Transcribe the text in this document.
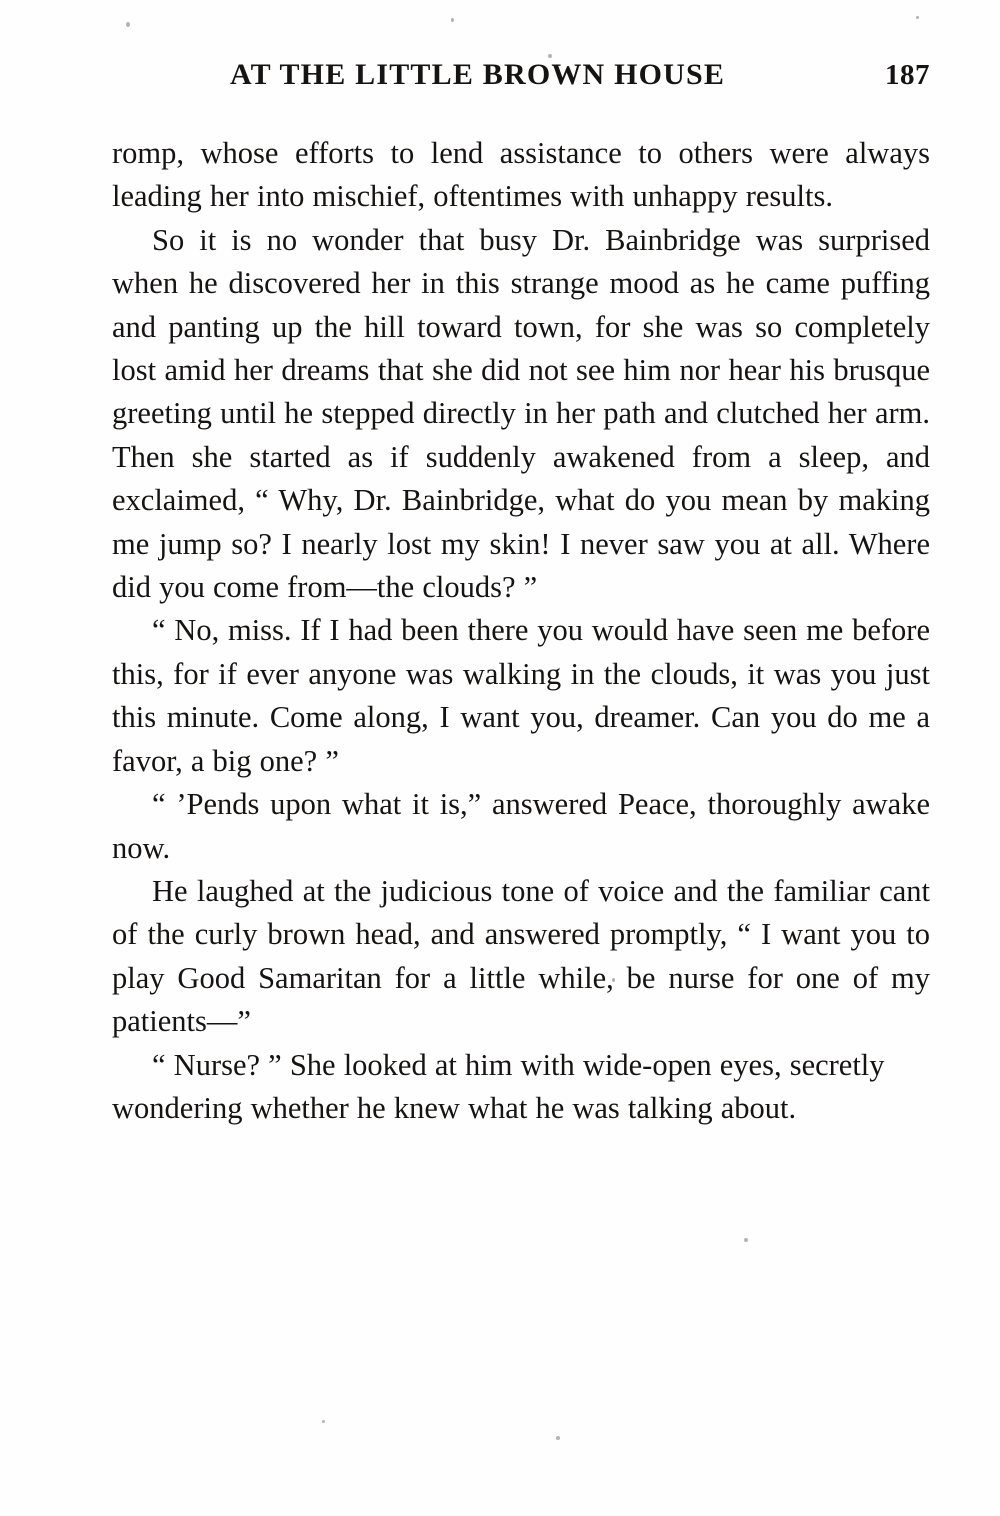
AT THE LITTLE BROWN HOUSE	187

romp, whose efforts to lend assistance to others were always leading her into mischief, oftentimes with unhappy results.

So it is no wonder that busy Dr. Bainbridge was surprised when he discovered her in this strange mood as he came puffing and panting up the hill toward town, for she was so completely lost amid her dreams that she did not see him nor hear his brusque greeting until he stepped directly in her path and clutched her arm. Then she started as if suddenly awakened from a sleep, and exclaimed, “ Why, Dr. Bainbridge, what do you mean by making me jump so? I nearly lost my skin! I never saw you at all. Where did you come from—the clouds? ”

“ No, miss. If I had been there you would have seen me before this, for if ever anyone was walking in the clouds, it was you just this minute. Come along, I want you, dreamer. Can you do me a favor, a big one? ”

“ ’Pends upon what it is,” answered Peace, thoroughly awake now.

He laughed at the judicious tone of voice and the familiar cant of the curly brown head, and answered promptly, “ I want you to play Good Samaritan for a little while, be nurse for one of my patients—”

“ Nurse? ” She looked at him with wide-open eyes, secretly wondering whether he knew what he was talking about.
